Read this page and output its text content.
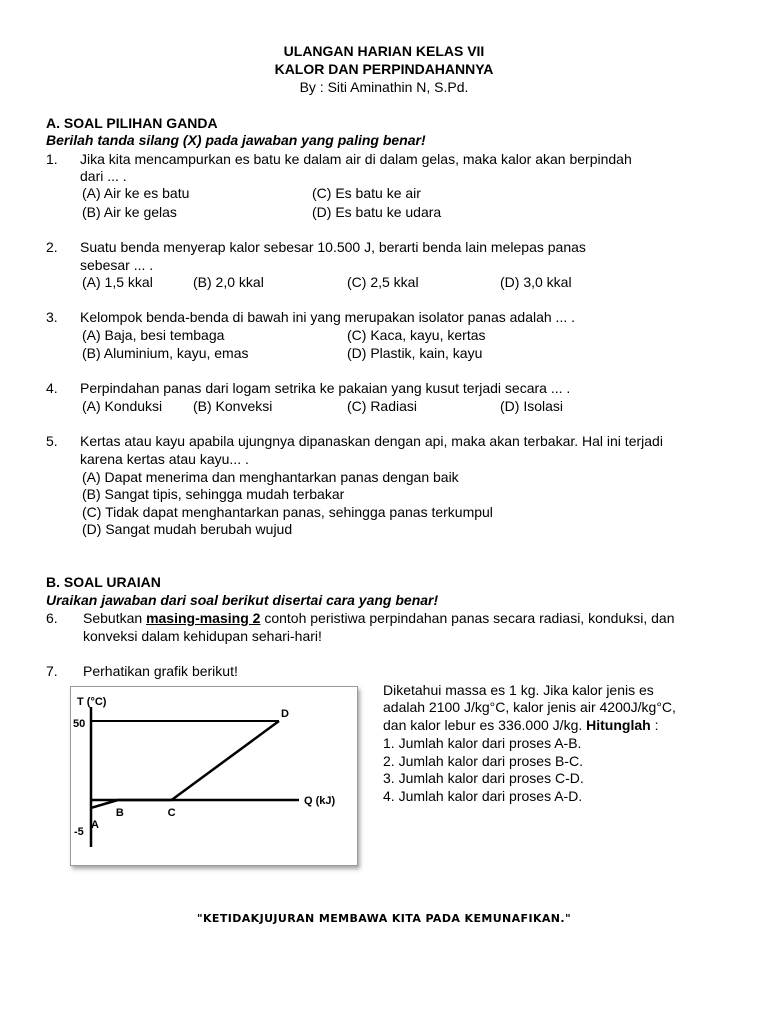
ULANGAN HARIAN KELAS VII
KALOR DAN PERPINDAHANNYA
By : Siti Aminathin N, S.Pd.
A. SOAL PILIHAN GANDA
Berilah tanda silang (X) pada jawaban yang paling benar!
1. Jika kita mencampurkan es batu ke dalam air di dalam gelas, maka kalor akan berpindah
dari ... .
(A) Air ke es batu	(C) Es batu ke air
(B) Air ke gelas	(D) Es batu ke udara
2. Suatu benda menyerap kalor sebesar 10.500 J, berarti benda lain melepas panas
sebesar ... .
(A) 1,5 kkal	(B) 2,0 kkal	(C) 2,5 kkal	(D) 3,0 kkal
3. Kelompok benda-benda di bawah ini yang merupakan isolator panas adalah ... .
(A) Baja, besi tembaga	(C) Kaca, kayu, kertas
(B) Aluminium, kayu, emas	(D) Plastik, kain, kayu
4. Perpindahan panas dari logam setrika ke pakaian yang kusut terjadi secara ... .
(A) Konduksi (B) Konveksi	(C) Radiasi	(D) Isolasi
5. Kertas atau kayu apabila ujungnya dipanaskan dengan api, maka akan terbakar. Hal ini terjadi
karena kertas atau kayu... .
(A) Dapat menerima dan menghantarkan panas dengan baik
(B) Sangat tipis, sehingga mudah terbakar
(C) Tidak dapat menghantarkan panas, sehingga panas terkumpul
(D) Sangat mudah berubah wujud
B. SOAL URAIAN
Uraikan jawaban dari soal berikut disertai cara yang benar!
6. Sebutkan masing-masing 2 contoh peristiwa perpindahan panas secara radiasi, konduksi, dan
konveksi dalam kehidupan sehari-hari!
7. Perhatikan grafik berikut!
Diketahui massa es 1 kg. Jika kalor jenis es
adalah 2100 J/kg°C, kalor jenis air 4200J/kg°C,
dan kalor lebur es 336.000 J/kg. Hitunglah :
1. Jumlah kalor dari proses A-B.
2. Jumlah kalor dari proses B-C.
3. Jumlah kalor dari proses C-D.
4. Jumlah kalor dari proses A-D.
T (°C)
Q (kJ)
50
-5
A
B	C
D
"KETIDAKJUJURAN MEMBAWA KITA PADA KEMUNAFIKAN."
